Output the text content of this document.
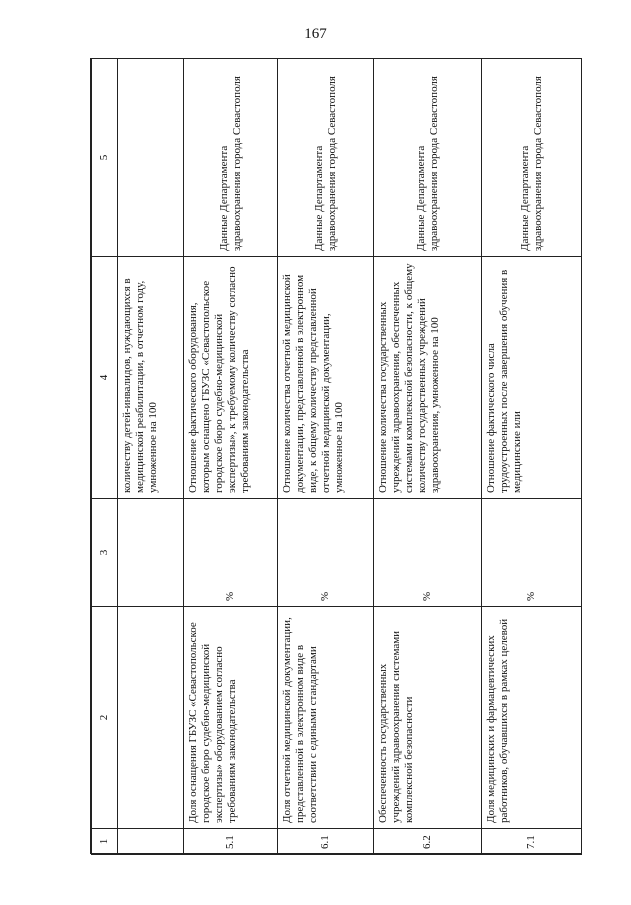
167
1	2	3	4	5
			количеству детей-инвалидов, нуждающихся в медицинской реабилитации, в отчетном году, умноженное на 100	
5.1	Доля оснащения ГБУЗС «Севастопольское городское бюро судебно-медицинской экспертизы» оборудованием согласно требованиям законодательства	%	Отношение фактического оборудования, которым оснащено ГБУЗС «Севастопольское городское бюро судебно-медицинской экспертизы», к требуемому количеству согласно требованиям законодательства	Данные Департамента здравоохранения города Севастополя
6.1	Доля отчетной медицинской документации, представленной в электронном виде в соответствии с едиными стандартами	%	Отношение количества отчетной медицинской документации, представленной в электронном виде, к общему количеству представленной отчетной медицинской документации, умноженное на 100	Данные Департамента здравоохранения города Севастополя
6.2	Обеспеченность государственных учреждений здравоохранения системами комплексной безопасности	%	Отношение количества государственных учреждений здравоохранения, обеспеченных системами комплексной безопасности, к общему количеству государственных учреждений здравоохранения, умноженное на 100	Данные Департамента здравоохранения города Севастополя
7.1	Доля медицинских и фармацевтических работников, обучавшихся в рамках целевой	%	Отношение фактического числа трудоустроенных после завершения обучения в медицинские или	Данные Департамента здравоохранения города Севастополя
